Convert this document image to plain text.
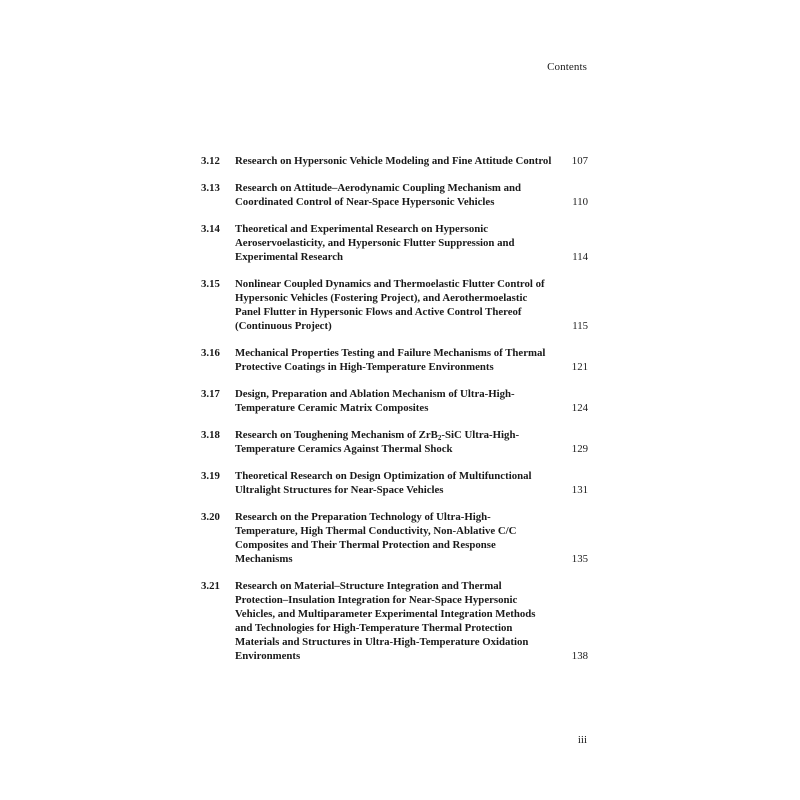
Contents
3.12 Research on Hypersonic Vehicle Modeling and Fine Attitude Control 107
3.13 Research on Attitude–Aerodynamic Coupling Mechanism and Coordinated Control of Near-Space Hypersonic Vehicles	110
3.14 Theoretical and Experimental Research on Hypersonic Aeroservoelasticity, and Hypersonic Flutter Suppression and Experimental Research	114
3.15 Nonlinear Coupled Dynamics and Thermoelastic Flutter Control of Hypersonic Vehicles (Fostering Project), and Aerothermoelastic Panel Flutter in Hypersonic Flows and Active Control Thereof (Continuous Project)	115
3.16 Mechanical Properties Testing and Failure Mechanisms of Thermal Protective Coatings in High-Temperature Environments	121
3.17 Design, Preparation and Ablation Mechanism of Ultra-High-Temperature Ceramic Matrix Composites	124
3.18 Research on Toughening Mechanism of ZrB$_2$-SiC Ultra-High-Temperature Ceramics Against Thermal Shock	129
3.19 Theoretical Research on Design Optimization of Multifunctional Ultralight Structures for Near-Space Vehicles	131
3.20 Research on the Preparation Technology of Ultra-High-Temperature, High Thermal Conductivity, Non-Ablative C/C Composites and Their Thermal Protection and Response Mechanisms	135
3.21 Research on Material–Structure Integration and Thermal Protection–Insulation Integration for Near-Space Hypersonic Vehicles, and Multiparameter Experimental Integration Methods and Technologies for High-Temperature Thermal Protection Materials and Structures in Ultra-High-Temperature Oxidation Environments	138
iii
